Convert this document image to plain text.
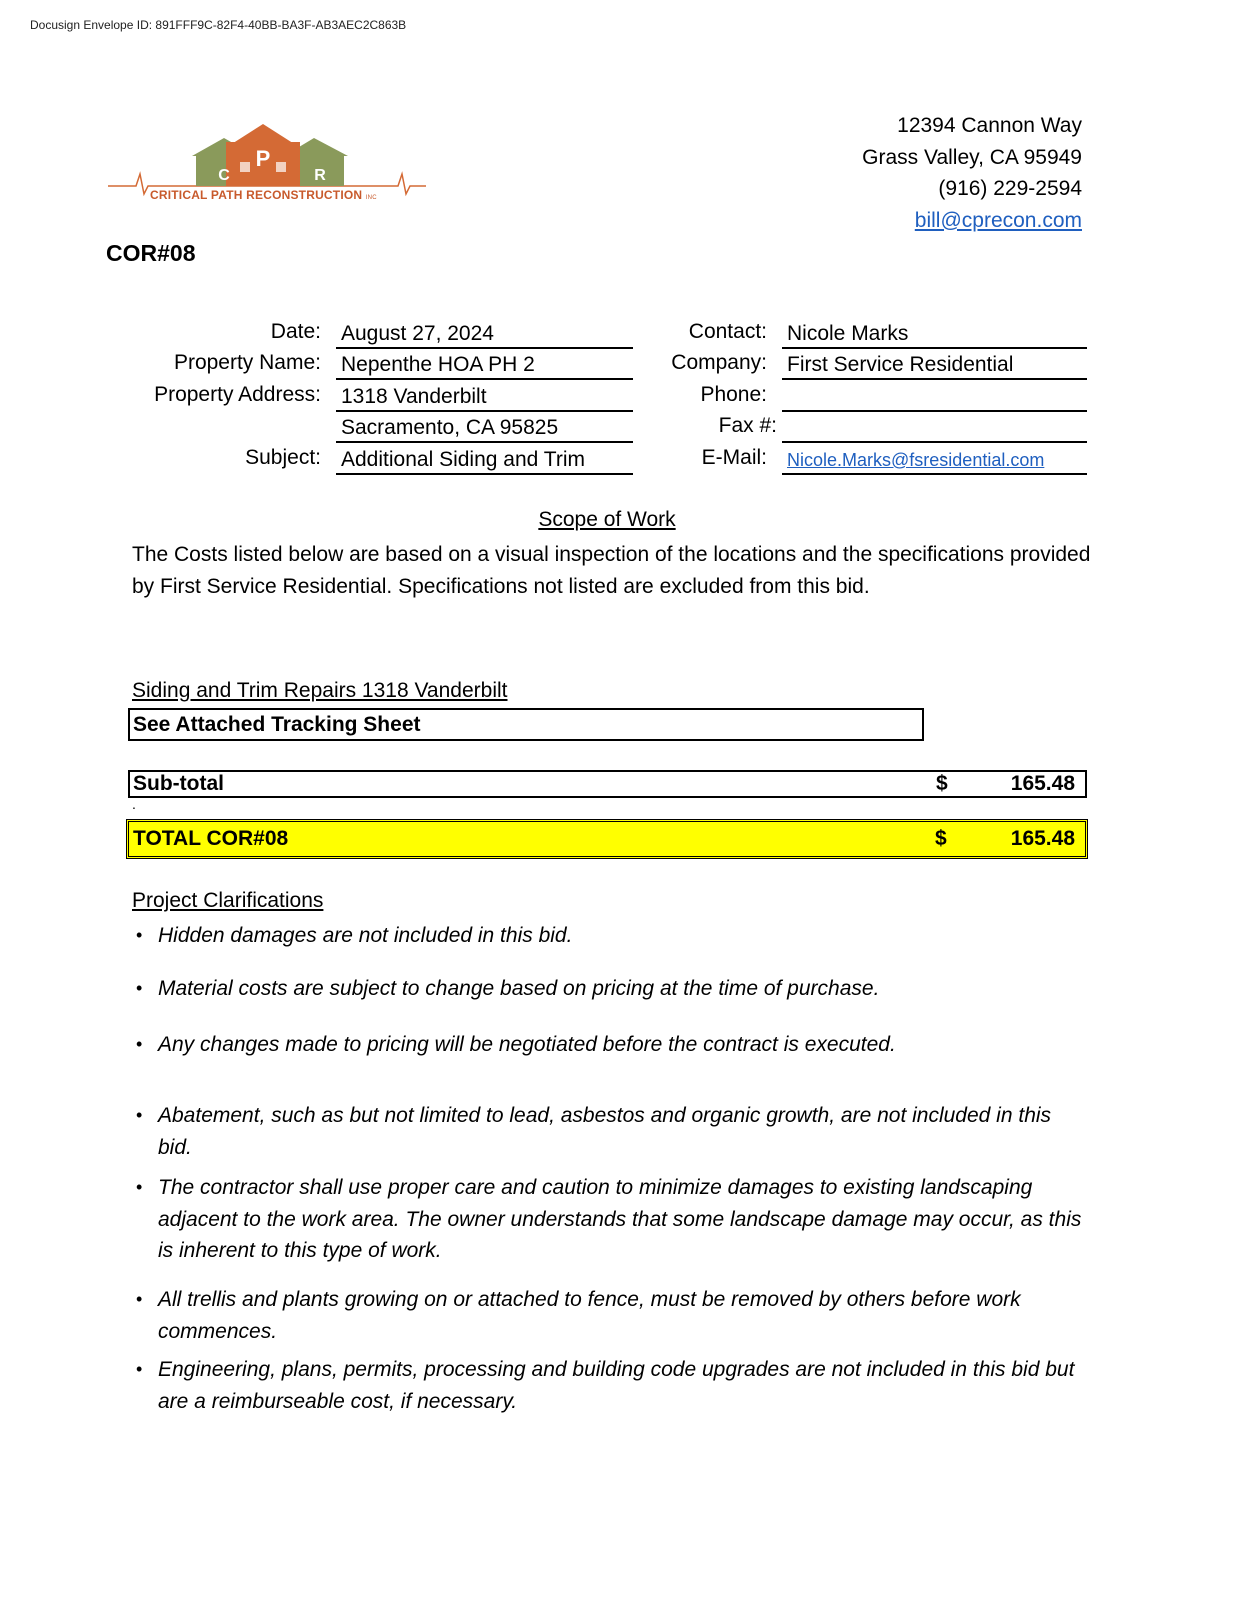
Docusign Envelope ID: 891FFF9C-82F4-40BB-BA3F-AB3AEC2C863B
C
P
R
CRITICAL PATH RECONSTRUCTION INC
12394 Cannon Way
Grass Valley, CA 95949
(916) 229-2594
bill@cprecon.com
COR#08
Date: August 27, 2024
Property Name: Nepenthe HOA PH 2
Property Address: 1318 Vanderbilt
Sacramento, CA 95825
Subject: Additional Siding and Trim
Contact: Nicole Marks
Company: First Service Residential
Phone:
Fax #:
E-Mail: Nicole.Marks@fsresidential.com
Scope of Work
The Costs listed below are based on a visual inspection of the locations and the specifications provided by First Service Residential. Specifications not listed are excluded from this bid.
Siding and Trim Repairs 1318 Vanderbilt
See Attached Tracking Sheet
Sub-total	$	165.48
.
TOTAL COR#08	$	165.48
Project Clarifications
• Hidden damages are not included in this bid.
• Material costs are subject to change based on pricing at the time of purchase.
• Any changes made to pricing will be negotiated before the contract is executed.
• Abatement, such as but not limited to lead, asbestos and organic growth, are not included in this bid.
• The contractor shall use proper care and caution to minimize damages to existing landscaping adjacent to the work area. The owner understands that some landscape damage may occur, as this is inherent to this type of work.
• All trellis and plants growing on or attached to fence, must be removed by others before work commences.
• Engineering, plans, permits, processing and building code upgrades are not included in this bid but are a reimburseable cost, if necessary.
